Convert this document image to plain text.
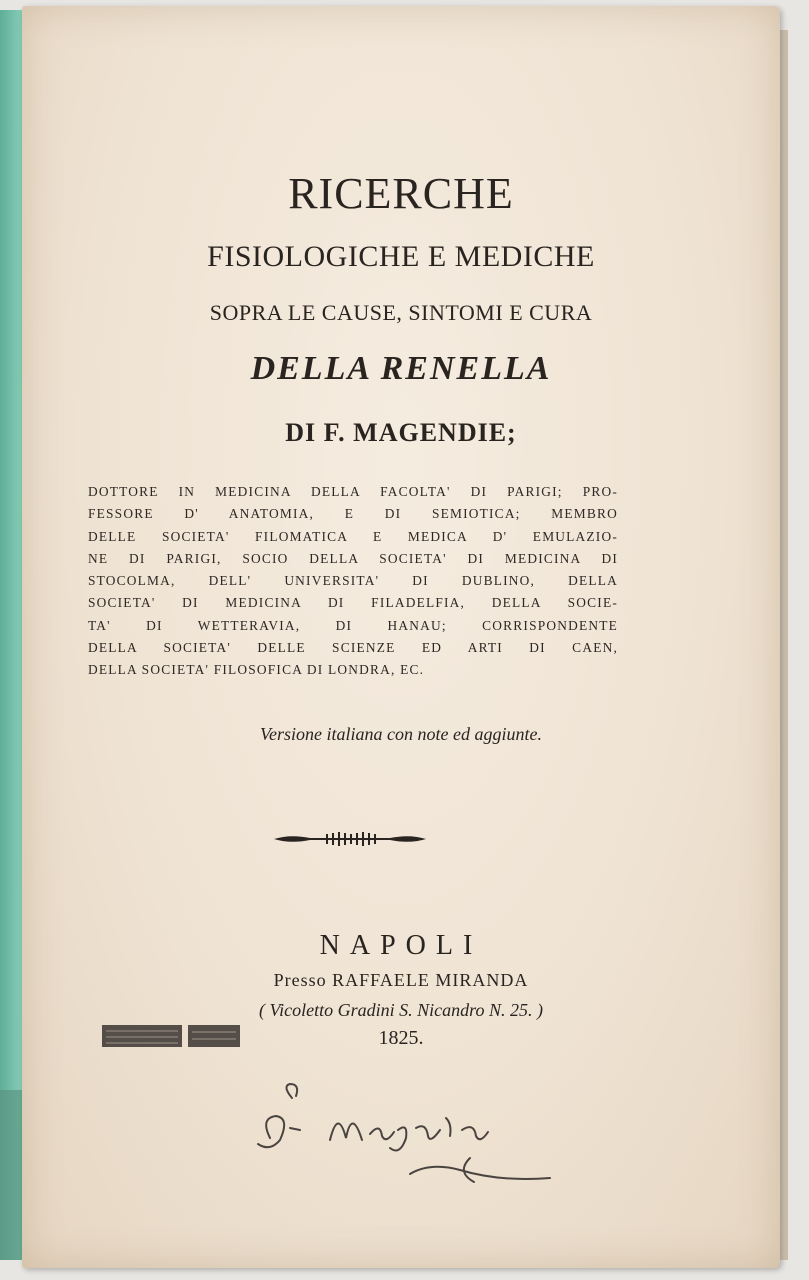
RICERCHE
FISIOLOGICHE E MEDICHE
SOPRA LE CAUSE, SINTOMI E CURA
DELLA RENELLA
DI F. MAGENDIE;
DOTTORE IN MEDICINA DELLA FACOLTA' DI PARIGI; PRO-
FESSORE D' ANATOMIA, E DI SEMIOTICA; MEMBRO
DELLE SOCIETA' FILOMATICA E MEDICA D' EMULAZIO-
NE DI PARIGI, SOCIO DELLA SOCIETA' DI MEDICINA DI
STOCOLMA, DELL' UNIVERSITA' DI DUBLINO, DELLA
SOCIETA' DI MEDICINA DI FILADELFIA, DELLA SOCIE-
TA' DI WETTERAVIA, DI HANAU; CORRISPONDENTE
DELLA SOCIETA' DELLE SCIENZE ED ARTI DI CAEN,
DELLA SOCIETA' FILOSOFICA DI LONDRA, EC.
Versione italiana con note ed aggiunte.
NAPOLI
Presso RAFFAELE MIRANDA
( Vicoletto Gradini S. Nicandro N. 25. )
1825.
